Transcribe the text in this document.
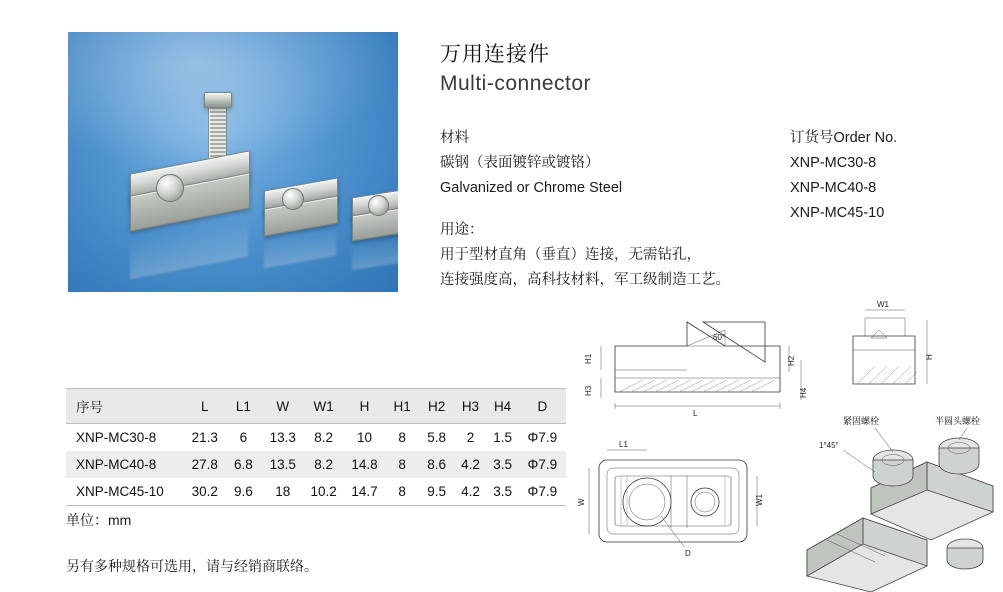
万用连接件
Multi-connector
材料
碳钢（表面镀锌或镀铬）
Galvanized or Chrome Steel
用途：
用于型材直角（垂直）连接，无需钻孔，
连接强度高，高科技材料，军工级制造工艺。
订货号Order No.
XNP-MC30-8
XNP-MC40-8
XNP-MC45-10
序号	L	L1	W	W1	H	H1	H2	H3	H4	D
XNP-MC30-8	21.3	6	13.3	8.2	10	8	5.8	2	1.5	Φ7.9
XNP-MC40-8	27.8	6.8	13.5	8.2	14.8	8	8.6	4.2	3.5	Φ7.9
XNP-MC45-10	30.2	9.6	18	10.2	14.7	8	9.5	4.2	3.5	Φ7.9
单位：mm
另有多种规格可选用，请与经销商联络。
60°
H1
H3
H2
H4
L
W1
H
L1
W	W1
D
1°45°
紧固螺栓	半圆头螺栓
